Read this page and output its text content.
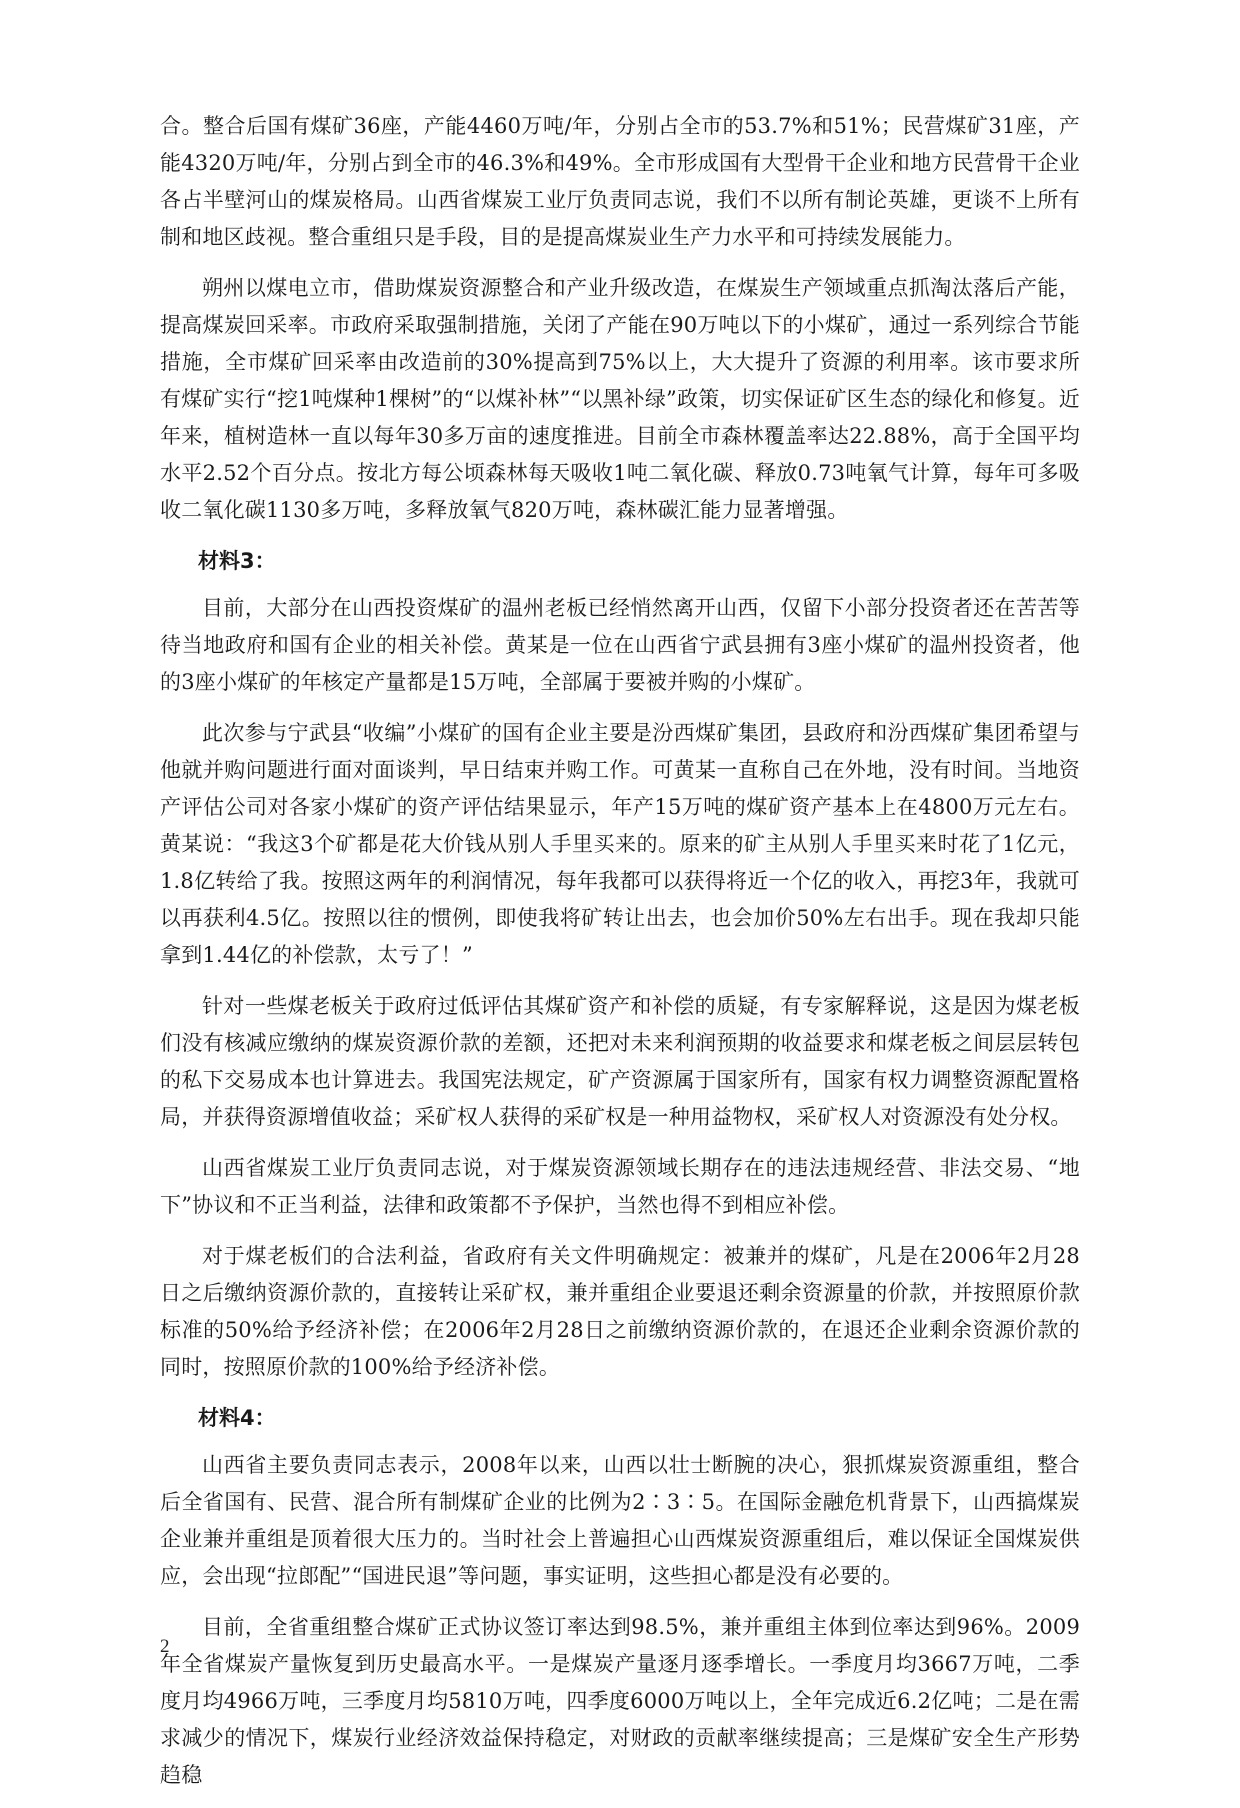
合。整合后国有煤矿36座，产能4460万吨/年，分别占全市的53.7%和51%；民营煤矿31座，产能4320万吨/年，分别占到全市的46.3%和49%。全市形成国有大型骨干企业和地方民营骨干企业各占半壁河山的煤炭格局。山西省煤炭工业厅负责同志说，我们不以所有制论英雄，更谈不上所有制和地区歧视。整合重组只是手段，目的是提高煤炭业生产力水平和可持续发展能力。

朔州以煤电立市，借助煤炭资源整合和产业升级改造，在煤炭生产领域重点抓淘汰落后产能，提高煤炭回采率。市政府采取强制措施，关闭了产能在90万吨以下的小煤矿，通过一系列综合节能措施，全市煤矿回采率由改造前的30%提高到75%以上，大大提升了资源的利用率。该市要求所有煤矿实行“挖1吨煤种1棵树”的“以煤补林”“以黑补绿”政策，切实保证矿区生态的绿化和修复。近年来，植树造林一直以每年30多万亩的速度推进。目前全市森林覆盖率达22.88%，高于全国平均水平2.52个百分点。按北方每公顷森林每天吸收1吨二氧化碳、释放0.73吨氧气计算，每年可多吸收二氧化碳1130多万吨，多释放氧气820万吨，森林碳汇能力显著增强。

材料3：

目前，大部分在山西投资煤矿的温州老板已经悄然离开山西，仅留下小部分投资者还在苦苦等待当地政府和国有企业的相关补偿。黄某是一位在山西省宁武县拥有3座小煤矿的温州投资者，他的3座小煤矿的年核定产量都是15万吨，全部属于要被并购的小煤矿。

此次参与宁武县“收编”小煤矿的国有企业主要是汾西煤矿集团，县政府和汾西煤矿集团希望与他就并购问题进行面对面谈判，早日结束并购工作。可黄某一直称自己在外地，没有时间。当地资产评估公司对各家小煤矿的资产评估结果显示，年产15万吨的煤矿资产基本上在4800万元左右。黄某说：“我这3个矿都是花大价钱从别人手里买来的。原来的矿主从别人手里买来时花了1亿元，1.8亿转给了我。按照这两年的利润情况，每年我都可以获得将近一个亿的收入，再挖3年，我就可以再获利4.5亿。按照以往的惯例，即使我将矿转让出去，也会加价50%左右出手。现在我却只能拿到1.44亿的补偿款，太亏了！”

针对一些煤老板关于政府过低评估其煤矿资产和补偿的质疑，有专家解释说，这是因为煤老板们没有核减应缴纳的煤炭资源价款的差额，还把对未来利润预期的收益要求和煤老板之间层层转包的私下交易成本也计算进去。我国宪法规定，矿产资源属于国家所有，国家有权力调整资源配置格局，并获得资源增值收益；采矿权人获得的采矿权是一种用益物权，采矿权人对资源没有处分权。

山西省煤炭工业厅负责同志说，对于煤炭资源领域长期存在的违法违规经营、非法交易、“地下”协议和不正当利益，法律和政策都不予保护，当然也得不到相应补偿。

对于煤老板们的合法利益，省政府有关文件明确规定：被兼并的煤矿，凡是在2006年2月28日之后缴纳资源价款的，直接转让采矿权，兼并重组企业要退还剩余资源量的价款，并按照原价款标准的50%给予经济补偿；在2006年2月28日之前缴纳资源价款的，在退还企业剩余资源价款的同时，按照原价款的100%给予经济补偿。

材料4：

山西省主要负责同志表示，2008年以来，山西以壮士断腕的决心，狠抓煤炭资源重组，整合后全省国有、民营、混合所有制煤矿企业的比例为2∶3∶5。在国际金融危机背景下，山西搞煤炭企业兼并重组是顶着很大压力的。当时社会上普遍担心山西煤炭资源重组后，难以保证全国煤炭供应，会出现“拉郎配”“国进民退”等问题，事实证明，这些担心都是没有必要的。

目前，全省重组整合煤矿正式协议签订率达到98.5%，兼并重组主体到位率达到96%。2009年全省煤炭产量恢复到历史最高水平。一是煤炭产量逐月逐季增长。一季度月均3667万吨，二季度月均4966万吨，三季度月均5810万吨，四季度6000万吨以上，全年完成近6.2亿吨；二是在需求减少的情况下，煤炭行业经济效益保持稳定，对财政的贡献率继续提高；三是煤矿安全生产形势趋稳

2
